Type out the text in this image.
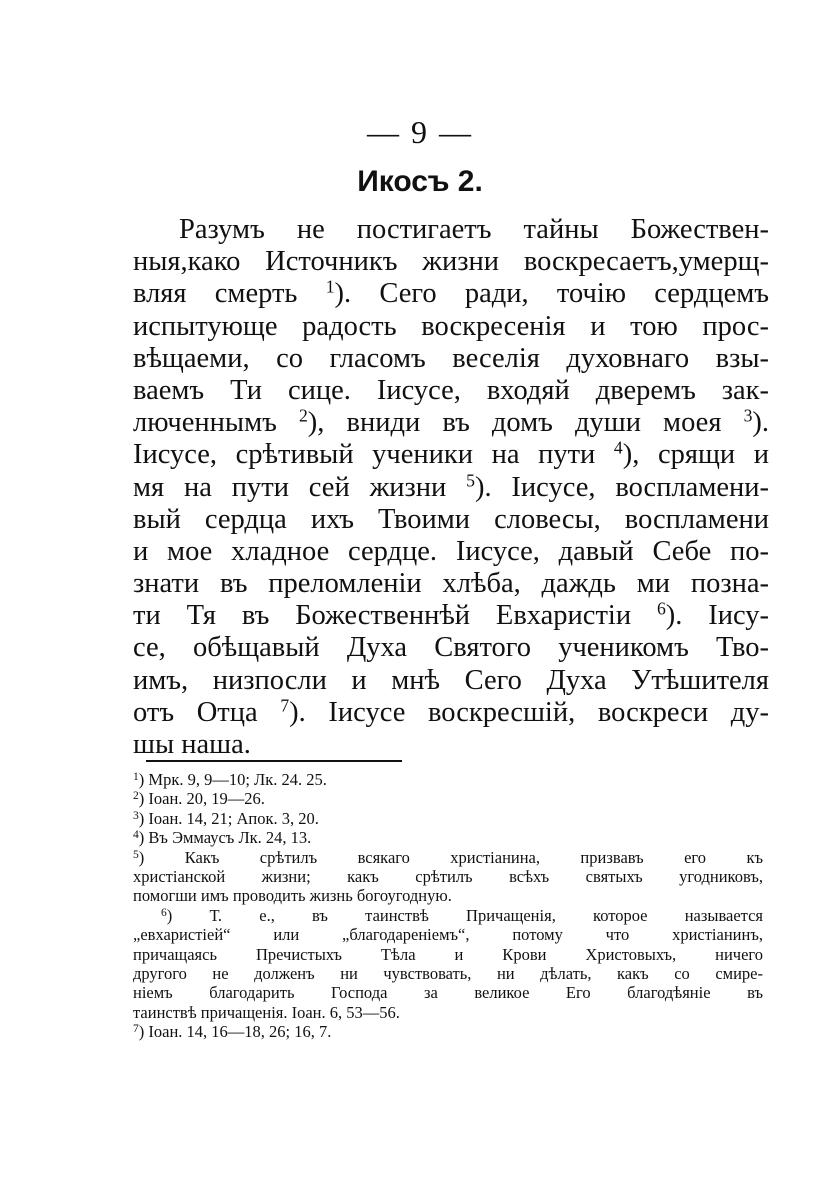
— 9 —
Икосъ 2.
Разумъ не постигаетъ тайны Божествен-
ныя,како Источникъ жизни воскресаетъ,умерщ-
вляя смерть $^1$). Сего ради, точію сердцемъ
испытующе радость воскресенія и тою прос-
вѣщаеми, со гласомъ веселія духовнаго взы-
ваемъ Ти сице. Іисусе, входяй дверемъ зак-
люченнымъ $^2$), вниди въ домъ души моея $^3$).
Іисусе, срѣтивый ученики на пути $^4$), срящи и
мя на пути сей жизни $^5$). Іисусе, воспламени-
вый сердца ихъ Твоими словесы, воспламени
и мое хладное сердце. Іисусе, давый Себе по-
знати въ преломленіи хлѣба, даждь ми позна-
ти Тя въ Божественнѣй Евхаристіи $^6$). Іису-
се, обѣщавый Духа Святого ученикомъ Тво-
имъ, низпосли и мнѣ Сего Духа Утѣшителя
отъ Отца $^7$). Іисусе воскресшій, воскреси ду-
шы наша.
$^1$) Мрк. 9, 9—10; Лк. 24. 25.
$^2$) Іоан. 20, 19—26.
$^3$) Іоан. 14, 21; Апок. 3, 20.
$^4$) Въ Эммаусъ Лк. 24, 13.
$^5$) Какъ срѣтилъ всякаго христіанина, призвавъ его къ
христіанской жизни; какъ срѣтилъ всѣхъ святыхъ угодниковъ,
помогши имъ проводить жизнь богоугодную.
$^6$) Т. е., въ таинствѣ Причащенія, которое называется
„евхаристіей“ или „благодареніемъ“, потому что христіанинъ,
причащаясь Пречистыхъ Тѣла и Крови Христовыхъ, ничего
другого не долженъ ни чувствовать, ни дѣлать, какъ со смире-
ніемъ благодарить Господа за великое Его благодѣяніе въ
таинствѣ причащенія. Іоан. 6, 53—56.
$^7$) Іоан. 14, 16—18, 26; 16, 7.
